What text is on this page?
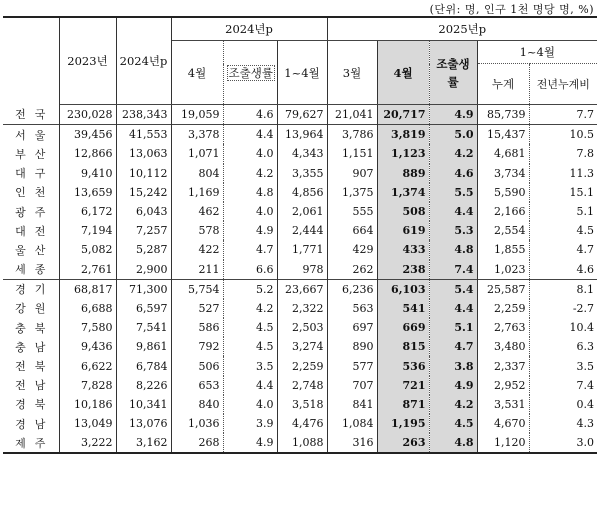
(단위: 명, 인구 1천 명당 명, %)
	2023년	2024년p	2024년p			2025년p				
			4월	조출생률	1~4월	3월	4월	조출생률	1~4월	
									누계	전년누계비
전국	230,028	238,343	19,059	4.6	79,627	21,041	20,717	4.9	85,739	7.7
서울	39,456	41,553	3,378	4.4	13,964	3,786	3,819	5.0	15,437	10.5
부산	12,866	13,063	1,071	4.0	4,343	1,151	1,123	4.2	4,681	7.8
대구	9,410	10,112	804	4.2	3,355	907	889	4.6	3,734	11.3
인천	13,659	15,242	1,169	4.8	4,856	1,375	1,374	5.5	5,590	15.1
광주	6,172	6,043	462	4.0	2,061	555	508	4.4	2,166	5.1
대전	7,194	7,257	578	4.9	2,444	664	619	5.3	2,554	4.5
울산	5,082	5,287	422	4.7	1,771	429	433	4.8	1,855	4.7
세종	2,761	2,900	211	6.6	978	262	238	7.4	1,023	4.6
경기	68,817	71,300	5,754	5.2	23,667	6,236	6,103	5.4	25,587	8.1
강원	6,688	6,597	527	4.2	2,322	563	541	4.4	2,259	-2.7
충북	7,580	7,541	586	4.5	2,503	697	669	5.1	2,763	10.4
충남	9,436	9,861	792	4.5	3,274	890	815	4.7	3,480	6.3
전북	6,622	6,784	506	3.5	2,259	577	536	3.8	2,337	3.5
전남	7,828	8,226	653	4.4	2,748	707	721	4.9	2,952	7.4
경북	10,186	10,341	840	4.0	3,518	841	871	4.2	3,531	0.4
경남	13,049	13,076	1,036	3.9	4,476	1,084	1,195	4.5	4,670	4.3
제주	3,222	3,162	268	4.9	1,088	316	263	4.8	1,120	3.0
